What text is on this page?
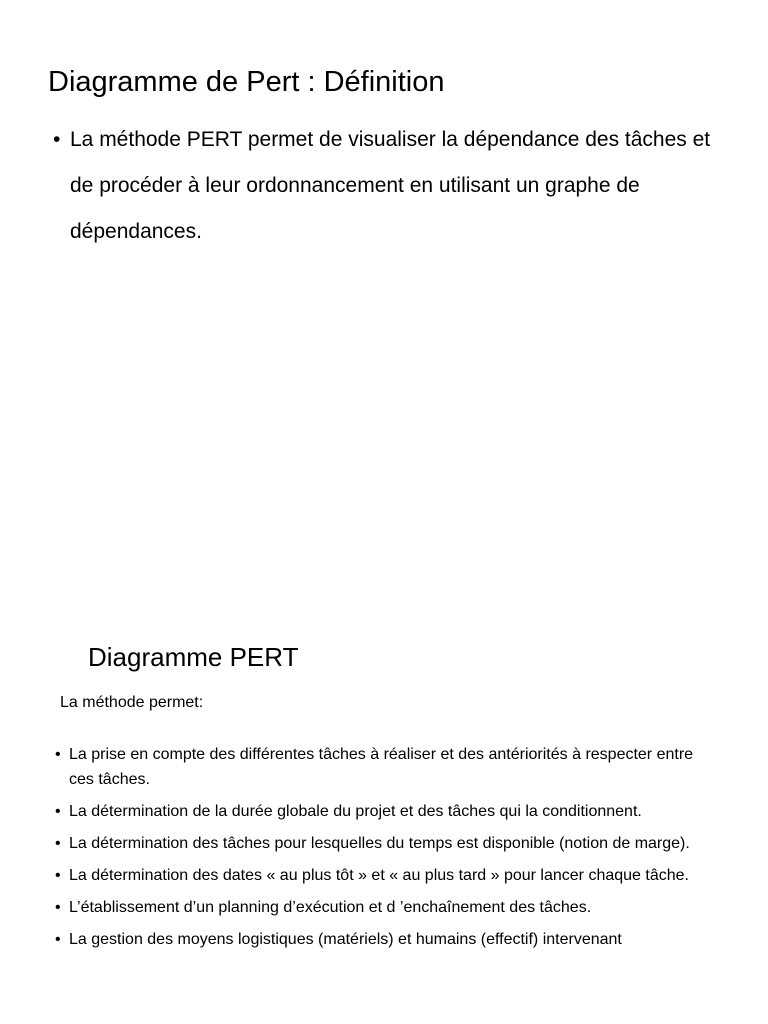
Diagramme de Pert : Définition
• La méthode PERT permet de visualiser la dépendance des tâches et de procéder à leur ordonnancement en utilisant un graphe de dépendances.
Diagramme PERT

La méthode permet:

• La prise en compte des différentes tâches à réaliser et des antériorités à respecter entre ces tâches.
• La détermination de la durée globale du projet et des tâches qui la conditionnent.
• La détermination des tâches pour lesquelles du temps est disponible (notion de marge).
• La détermination des dates « au plus tôt » et « au plus tard » pour lancer chaque tâche.
• L’établissement d’un planning d’exécution et d ’enchaînement des tâches.
• La gestion des moyens logistiques (matériels) et humains (effectif) intervenant
